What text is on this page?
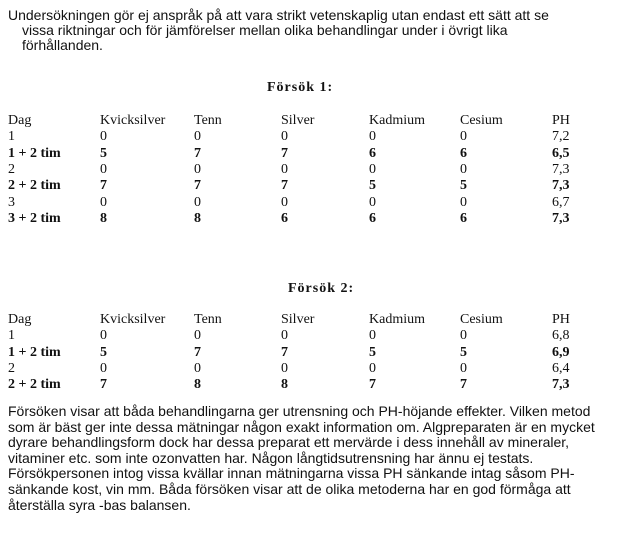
Undersökningen gör ej anspråk på att vara strikt vetenskaplig utan endast ett sätt att se
vissa riktningar och för jämförelser mellan olika behandlingar under i övrigt lika
förhållanden.
Försök 1:
Dag	Kvicksilver	Tenn	Silver	Kadmium	Cesium	PH
1	0	0	0	0	0	7,2
1 + 2 tim	5	7	7	6	6	6,5
2	0	0	0	0	0	7,3
2 + 2 tim	7	7	7	5	5	7,3
3	0	0	0	0	0	6,7
3 + 2 tim	8	8	6	6	6	7,3
Försök 2:
Dag	Kvicksilver	Tenn	Silver	Kadmium	Cesium	PH
1	0	0	0	0	0	6,8
1 + 2 tim	5	7	7	5	5	6,9
2	0	0	0	0	0	6,4
2 + 2 tim	7	8	8	7	7	7,3
Försöken visar att båda behandlingarna ger utrensning och PH-höjande effekter. Vilken metod
som är bäst ger inte dessa mätningar någon exakt information om. Algpreparaten är en mycket
dyrare behandlingsform dock har dessa preparat ett mervärde i dess innehåll av mineraler,
vitaminer etc. som inte ozonvatten har. Någon långtidsutrensning har ännu ej testats.
Försökpersonen intog vissa kvällar innan mätningarna vissa PH sänkande intag såsom PH-
sänkande kost, vin mm. Båda försöken visar att de olika metoderna har en god förmåga att
återställa syra -bas balansen.
